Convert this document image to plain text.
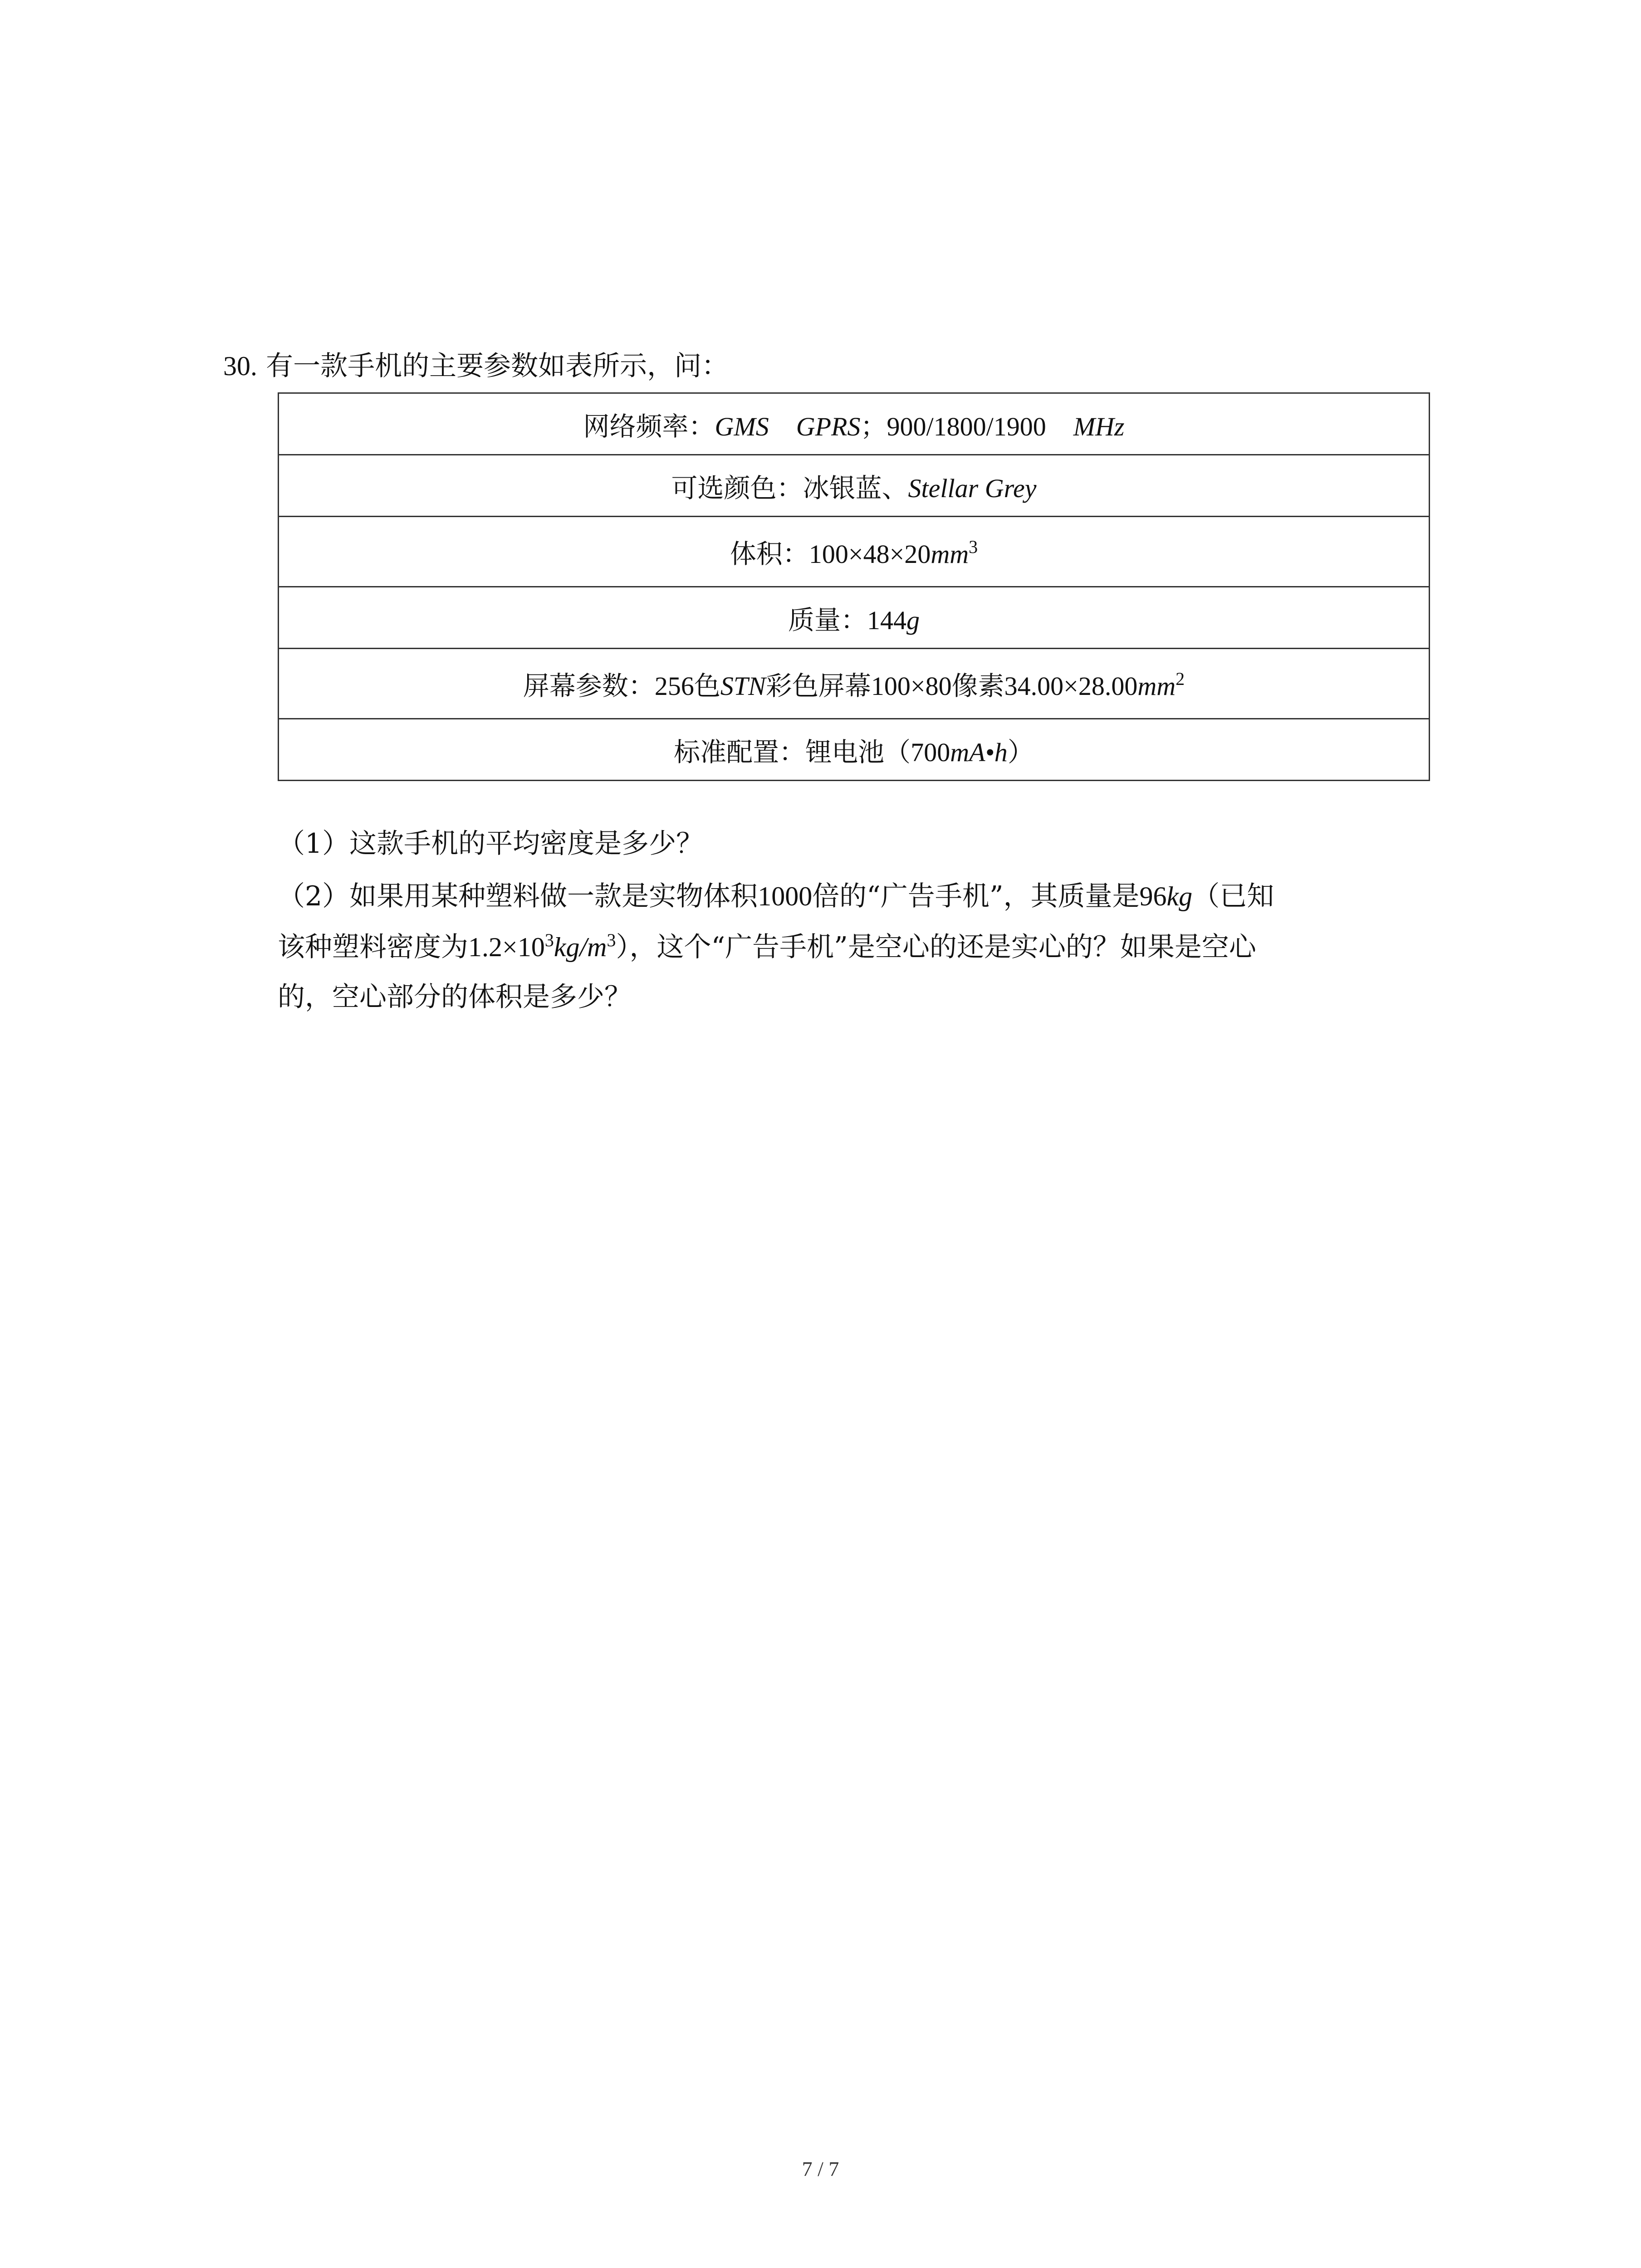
30. 有一款手机的主要参数如表所示，问：
网络频率：GMS GPRS；900/1800/1900 MHz
可选颜色：冰银蓝、Stellar Grey
体积：$100\times 48\times 20mm^3$
质量：144g
屏幕参数：256色STN彩色屏幕100×80像素$34.00\times 28.00mm^2$
标准配置：锂电池（700mA•h）
（1）这款手机的平均密度是多少？
（2）如果用某种塑料做一款是实物体积1000倍的“广告手机”，其质量是96kg（已知
该种塑料密度为$1.2\times 10^3kg/m^3$），这个“广告手机”是空心的还是实心的？如果是空心
的，空心部分的体积是多少？
7 / 7
